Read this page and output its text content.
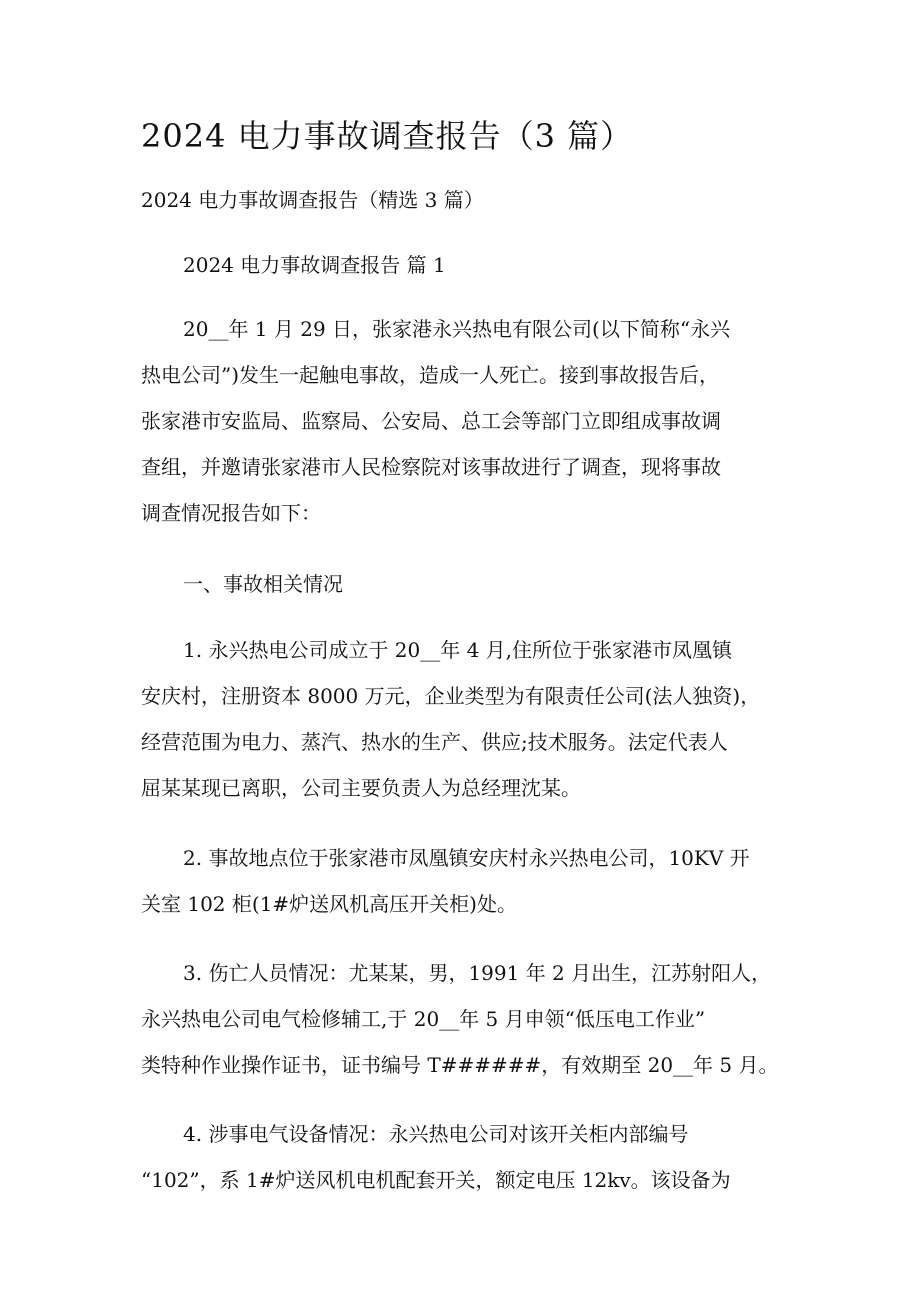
2024 电力事故调查报告（3 篇）
2024 电力事故调查报告（精选 3 篇）
2024 电力事故调查报告 篇 1
20__年 1 月 29 日，张家港永兴热电有限公司(以下简称“永兴
热电公司”)发生一起触电事故，造成一人死亡。接到事故报告后，
张家港市安监局、监察局、公安局、总工会等部门立即组成事故调
查组，并邀请张家港市人民检察院对该事故进行了调查，现将事故
调查情况报告如下：
一、事故相关情况
1. 永兴热电公司成立于 20__年 4 月,住所位于张家港市凤凰镇
安庆村，注册资本 8000 万元，企业类型为有限责任公司(法人独资)，
经营范围为电力、蒸汽、热水的生产、供应;技术服务。法定代表人
屈某某现已离职，公司主要负责人为总经理沈某。
2. 事故地点位于张家港市凤凰镇安庆村永兴热电公司，10KV 开
关室 102 柜(1#炉送风机高压开关柜)处。
3. 伤亡人员情况：尤某某，男，1991 年 2 月出生，江苏射阳人，
永兴热电公司电气检修辅工,于 20__年 5 月申领“低压电工作业”
类特种作业操作证书，证书编号 T######，有效期至 20__年 5 月。
4. 涉事电气设备情况：永兴热电公司对该开关柜内部编号
“102”，系 1#炉送风机电机配套开关，额定电压 12kv。该设备为
